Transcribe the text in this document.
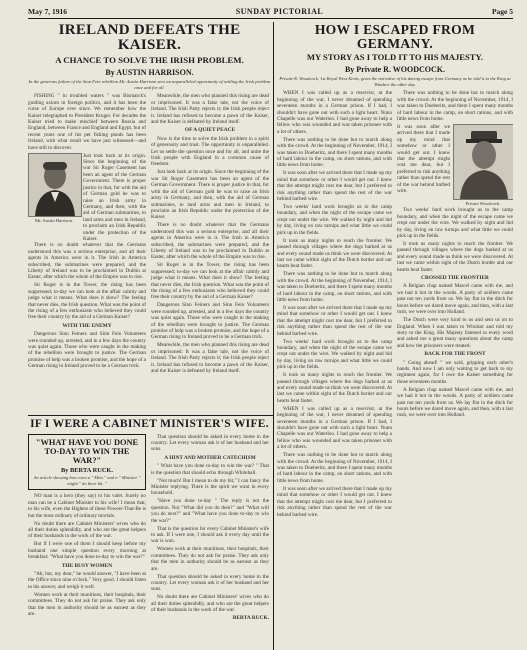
May 7, 1916	SUNDAY PICTORIAL	Page 5
IRELAND DEFEATS THE KAISER.
A CHANCE TO SOLVE THE IRISH PROBLEM.
By AUSTIN HARRISON.
In the generous failure of the Sinn Fein rebellion Mr. Austin Harrison sees an unparalleled opportunity of settling the Irish problem once and for all.

FISHING " in troubled waters " was Bismarck's guiding axiom in foreign politics, and it has been the curse of Europe ever since. We remember how the Kaiser telegraphed to President Kruger. For decades the Kaiser tried to make mischief between Russia and England, between France and England and Egypt, but of recent years one of his pet fishing ponds has been Ireland, with what result we have just witnessed—and have still to discover.

Mr. Austin Harrison.

Just look back at its origin. Since the beginning of the war Sir Roger Casement has been an agent of the German Government. There is proper justice in that, for with the aid of German gold he was to raise an Irish army in Germany, and then, with the aid of German submarines, to land arms and men in Ireland, to proclaim an Irish Republic under the protection of the Kaiser.

There is no doubt whatever that the Germans understood this was a serious enterprise, and all their agents in America were in it. The Irish in America subscribed, the submarines were prepared, and the Liberty of Ireland was to be proclaimed in Dublin at Easter, after which the whole of the Empire was to rise.

Sir Roger is in the Tower, the rising has been suppressed; to-day we can look at the affair calmly and judge what it means. What does it show? The feeling that never dies, the Irish question. What was the point of the rising of a few enthusiasts who believed they could free their country by the aid of a German Kaiser?

WITH THE ENEMY

Dangerous Sinn Feiners and Sinn Fein Volunteers were rounded up, arrested, and in a few days the country was quiet again. Those who were caught in the making of the rebellion were brought to justice. The German promise of help was a broken promise, and the hope of a German rising in Ireland proved to be a German trick.

Meanwhile, the men who planned this rising are dead or imprisoned. It was a false tale, not the voice of Ireland. The Irish Party rejects it; the Irish people reject it. Ireland has refused to become a pawn of the Kaiser, and the Kaiser is defeated by Ireland itself.

OF A QUIET PEACE

Now is the time to solve the Irish problem in a spirit of generosity and trust. The opportunity is unparalleled. Let us settle the question once and for all, and unite the Irish people with England in a common cause of freedom.

Just look back at its origin. Since the beginning of the war Sir Roger Casement has been an agent of the German Government. There is proper justice in that, for with the aid of German gold he was to raise an Irish army in Germany, and then, with the aid of German submarines, to land arms and men in Ireland, to proclaim an Irish Republic under the protection of the Kaiser.

There is no doubt whatever that the Germans understood this was a serious enterprise, and all their agents in America were in it. The Irish in America subscribed, the submarines were prepared, and the Liberty of Ireland was to be proclaimed in Dublin at Easter, after which the whole of the Empire was to rise.

Sir Roger is in the Tower, the rising has been suppressed; to-day we can look at the affair calmly and judge what it means. What does it show? The feeling that never dies, the Irish question. What was the point of the rising of a few enthusiasts who believed they could free their country by the aid of a German Kaiser?

Dangerous Sinn Feiners and Sinn Fein Volunteers were rounded up, arrested, and in a few days the country was quiet again. Those who were caught in the making of the rebellion were brought to justice. The German promise of help was a broken promise, and the hope of a German rising in Ireland proved to be a German trick.

Meanwhile, the men who planned this rising are dead or imprisoned. It was a false tale, not the voice of Ireland. The Irish Party rejects it; the Irish people reject it. Ireland has refused to become a pawn of the Kaiser, and the Kaiser is defeated by Ireland itself.

HOW I ESCAPED FROM GERMANY.
MY STORY AS I TOLD IT TO HIS MAJESTY.
By Private R. WOODCOCK.
Private R. Woodcock, 1st Royal West Kents, gives the narrative of his daring escape from Germany as he told it to the King at Windsor the other day.

WHEN I was called up as a reservist, at the beginning of the war, I never dreamed of spending seventeen months in a German prison. If I had, I shouldn't have gone out with such a light heart. Nunn Chapelle was our Waterloo. I had gone away to help a fellow who was wounded and was taken prisoner with a lot of others.

There was nothing to be done but to march along with the crowd. At the beginning of November, 1914, I was taken to Doeberitz, and there I spent many months of hard labour in the camp, on short rations, and with little news from home.

It was soon after we arrived there that I made up my mind that somehow or other I would get out. I knew that the attempt might cost me dear, but I preferred to risk anything rather than spend the rest of the war behind barbed wire.

Two weeks' hard work brought us to the camp boundary, and when the night of the escape came we crept out under the wire. We walked by night and hid by day, living on raw turnips and what little we could pick up in the fields.

It took us many nights to reach the frontier. We passed through villages where the dogs barked at us and every sound made us think we were discovered. At last we came within sight of the Dutch border and our hearts beat faster.

There was nothing to be done but to march along with the crowd. At the beginning of November, 1914, I was taken to Doeberitz, and there I spent many months of hard labour in the camp, on short rations, and with little news from home.

It was soon after we arrived there that I made up my mind that somehow or other I would get out. I knew that the attempt might cost me dear, but I preferred to risk anything rather than spend the rest of the war behind barbed wire.

Two weeks' hard work brought us to the camp boundary, and when the night of the escape came we crept out under the wire. We walked by night and hid by day, living on raw turnips and what little we could pick up in the fields.

It took us many nights to reach the frontier. We passed through villages where the dogs barked at us and every sound made us think we were discovered. At last we came within sight of the Dutch border and our hearts beat faster.

WHEN I was called up as a reservist, at the beginning of the war, I never dreamed of spending seventeen months in a German prison. If I had, I shouldn't have gone out with such a light heart. Nunn Chapelle was our Waterloo. I had gone away to help a fellow who was wounded and was taken prisoner with a lot of others.

There was nothing to be done but to march along with the crowd. At the beginning of November, 1914, I was taken to Doeberitz, and there I spent many months of hard labour in the camp, on short rations, and with little news from home.

It was soon after we arrived there that I made up my mind that somehow or other I would get out. I knew that the attempt might cost me dear, but I preferred to risk anything rather than spend the rest of the war behind barbed wire.

There was nothing to be done but to march along with the crowd. At the beginning of November, 1914, I was taken to Doeberitz, and there I spent many months of hard labour in the camp, on short rations, and with little news from home.

It was soon after we arrived there that I made up my mind that somehow or other I would get out. I knew that the attempt might cost me dear, but I preferred to risk anything rather than spend the rest of the war behind barbed wire.

Private Woodcock.

Two weeks' hard work brought us to the camp boundary, and when the night of the escape came we crept out under the wire. We walked by night and hid by day, living on raw turnips and what little we could pick up in the fields.

It took us many nights to reach the frontier. We passed through villages where the dogs barked at us and every sound made us think we were discovered. At last we came within sight of the Dutch border and our hearts beat faster.

CROSSED THE FRONTIER

A Belgian chap named Marcel came with me, and we had it hot in the woods. A party of soldiers came past not ten yards from us. We lay flat in the ditch for hours before we dared move again, and then, with a last rush, we were over into Holland.

The Dutch were very kind to us and sent us on to England. When I was taken to Windsor and told my story to the King, His Majesty listened to every word and asked me a great many questions about the camp and how the prisoners were treated.

BACK FOR THE FRONT

" Going ahead! " we said, gripping each other's hands. And now I am only waiting to get back to my regiment again, for I owe the Kaiser something for those seventeen months.

A Belgian chap named Marcel came with me, and we had it hot in the woods. A party of soldiers came past not ten yards from us. We lay flat in the ditch for hours before we dared move again, and then, with a last rush, we were over into Holland.

IF I WERE A CABINET MINISTER'S WIFE.
"WHAT HAVE YOU DONE TO-DAY TO WIN THE WAR?"
By BERTA RUCK.
An article showing how even a " Miss " and a " Minister " might " do their bit. "

NO man is a hero (they say) to his valet. Surely no man can be a Cabinet Minister to his wife! I mean that, to his wife, even the Highest of these Powers-That-Be is but the most ordinary of ordinary mortals.

No doubt there are Cabinet Ministers' wives who do all their duties splendidly, and who are the great helpers of their husbands in the work of the war.

But if I were one of them I should keep before my husband one simple question every morning at breakfast: "What have you done to-day to win the war?"

THE BUSY WOMEN

"Ah, but, my dear," he would answer, "I have been at the Office since nine o'clock." Very good. I should listen to his answer, and weigh it well.

Women work at their munitions, their hospitals, their committees. They do not ask for praise. They ask only that the men in authority should be as earnest as they are.

That question should be asked in every home in the country. Let every woman ask it of her husband and her sons.

A HINT AND MOTHER CATECHISM

" What have you done to-day to win the war? " That is the question that should echo through Whitehall.

"Not much! But I mean to do my bit," I can fancy the Minister replying. There is the spirit we want in every household.

"Have you done to-day " The reply is not the question. Not "What did you do then?" and "What will you do next?" and "What have you done to-day to win the war?"

That is the question for every Cabinet Minister's wife to ask. If I were one, I should ask it every day until the war is won.

Women work at their munitions, their hospitals, their committees. They do not ask for praise. They ask only that the men in authority should be as earnest as they are.

That question should be asked in every home in the country. Let every woman ask it of her husband and her sons.

No doubt there are Cabinet Ministers' wives who do all their duties splendidly, and who are the great helpers of their husbands in the work of the war.

BERTA RUCK.
